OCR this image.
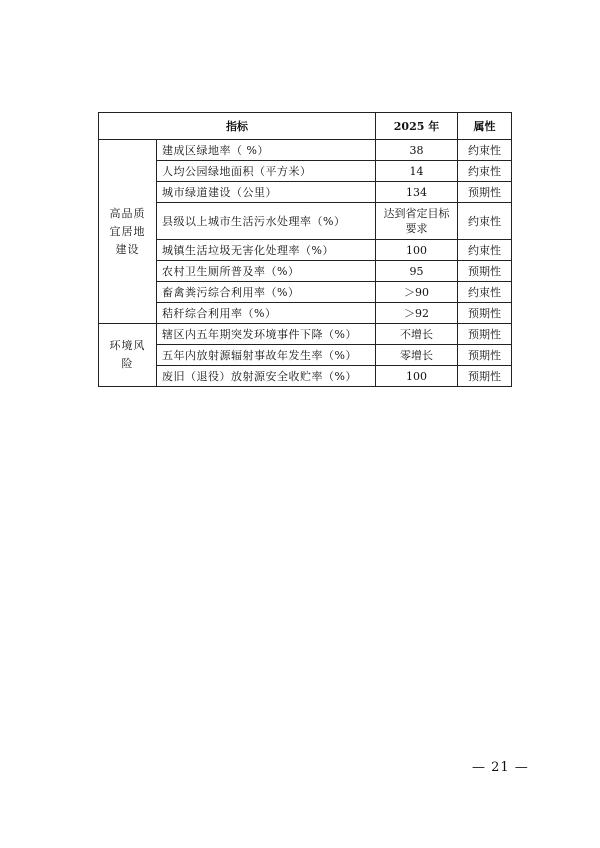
指标		2025 年	属性

高品质
宜居地
建设	建成区绿地率（ %）	38	约束性
	人均公园绿地面积（平方米）	14	约束性
	城市绿道建设（公里）	134	预期性
	县级以上城市生活污水处理率（%）	达到省定目标要求	约束性
	城镇生活垃圾无害化处理率（%）	100	约束性
	农村卫生厕所普及率（%）	95	预期性
	畜禽粪污综合利用率（%）	＞90	约束性
	秸秆综合利用率（%）	＞92	预期性

环境风
险	辖区内五年期突发环境事件下降（%）	不增长	预期性
	五年内放射源辐射事故年发生率（%）	零增长	预期性
	废旧（退役）放射源安全收贮率（%）	100	预期性
— 21 —
